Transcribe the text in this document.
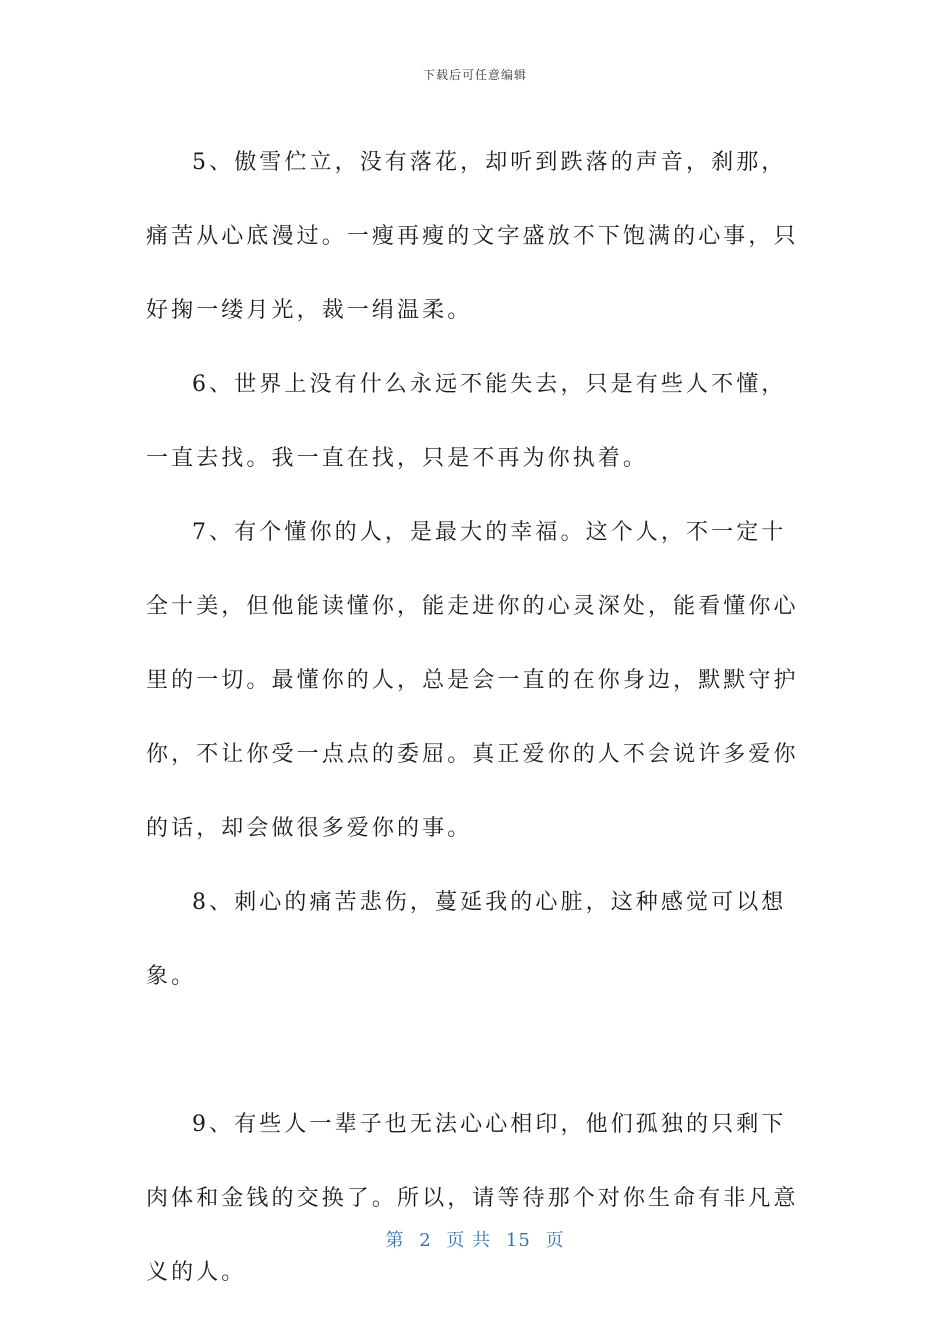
下载后可任意编辑

5、傲雪伫立，没有落花，却听到跌落的声音，刹那，痛苦从心底漫过。一瘦再瘦的文字盛放不下饱满的心事，只好掬一缕月光，裁一绢温柔。

6、世界上没有什么永远不能失去，只是有些人不懂，一直去找。我一直在找，只是不再为你执着。

7、有个懂你的人，是最大的幸福。这个人，不一定十全十美，但他能读懂你，能走进你的心灵深处，能看懂你心里的一切。最懂你的人，总是会一直的在你身边，默默守护你，不让你受一点点的委屈。真正爱你的人不会说许多爱你的话，却会做很多爱你的事。

8、刺心的痛苦悲伤，蔓延我的心脏，这种感觉可以想象。

9、有些人一辈子也无法心心相印，他们孤独的只剩下肉体和金钱的交换了。所以，请等待那个对你生命有非凡意义的人。

第 2 页 共 15 页
